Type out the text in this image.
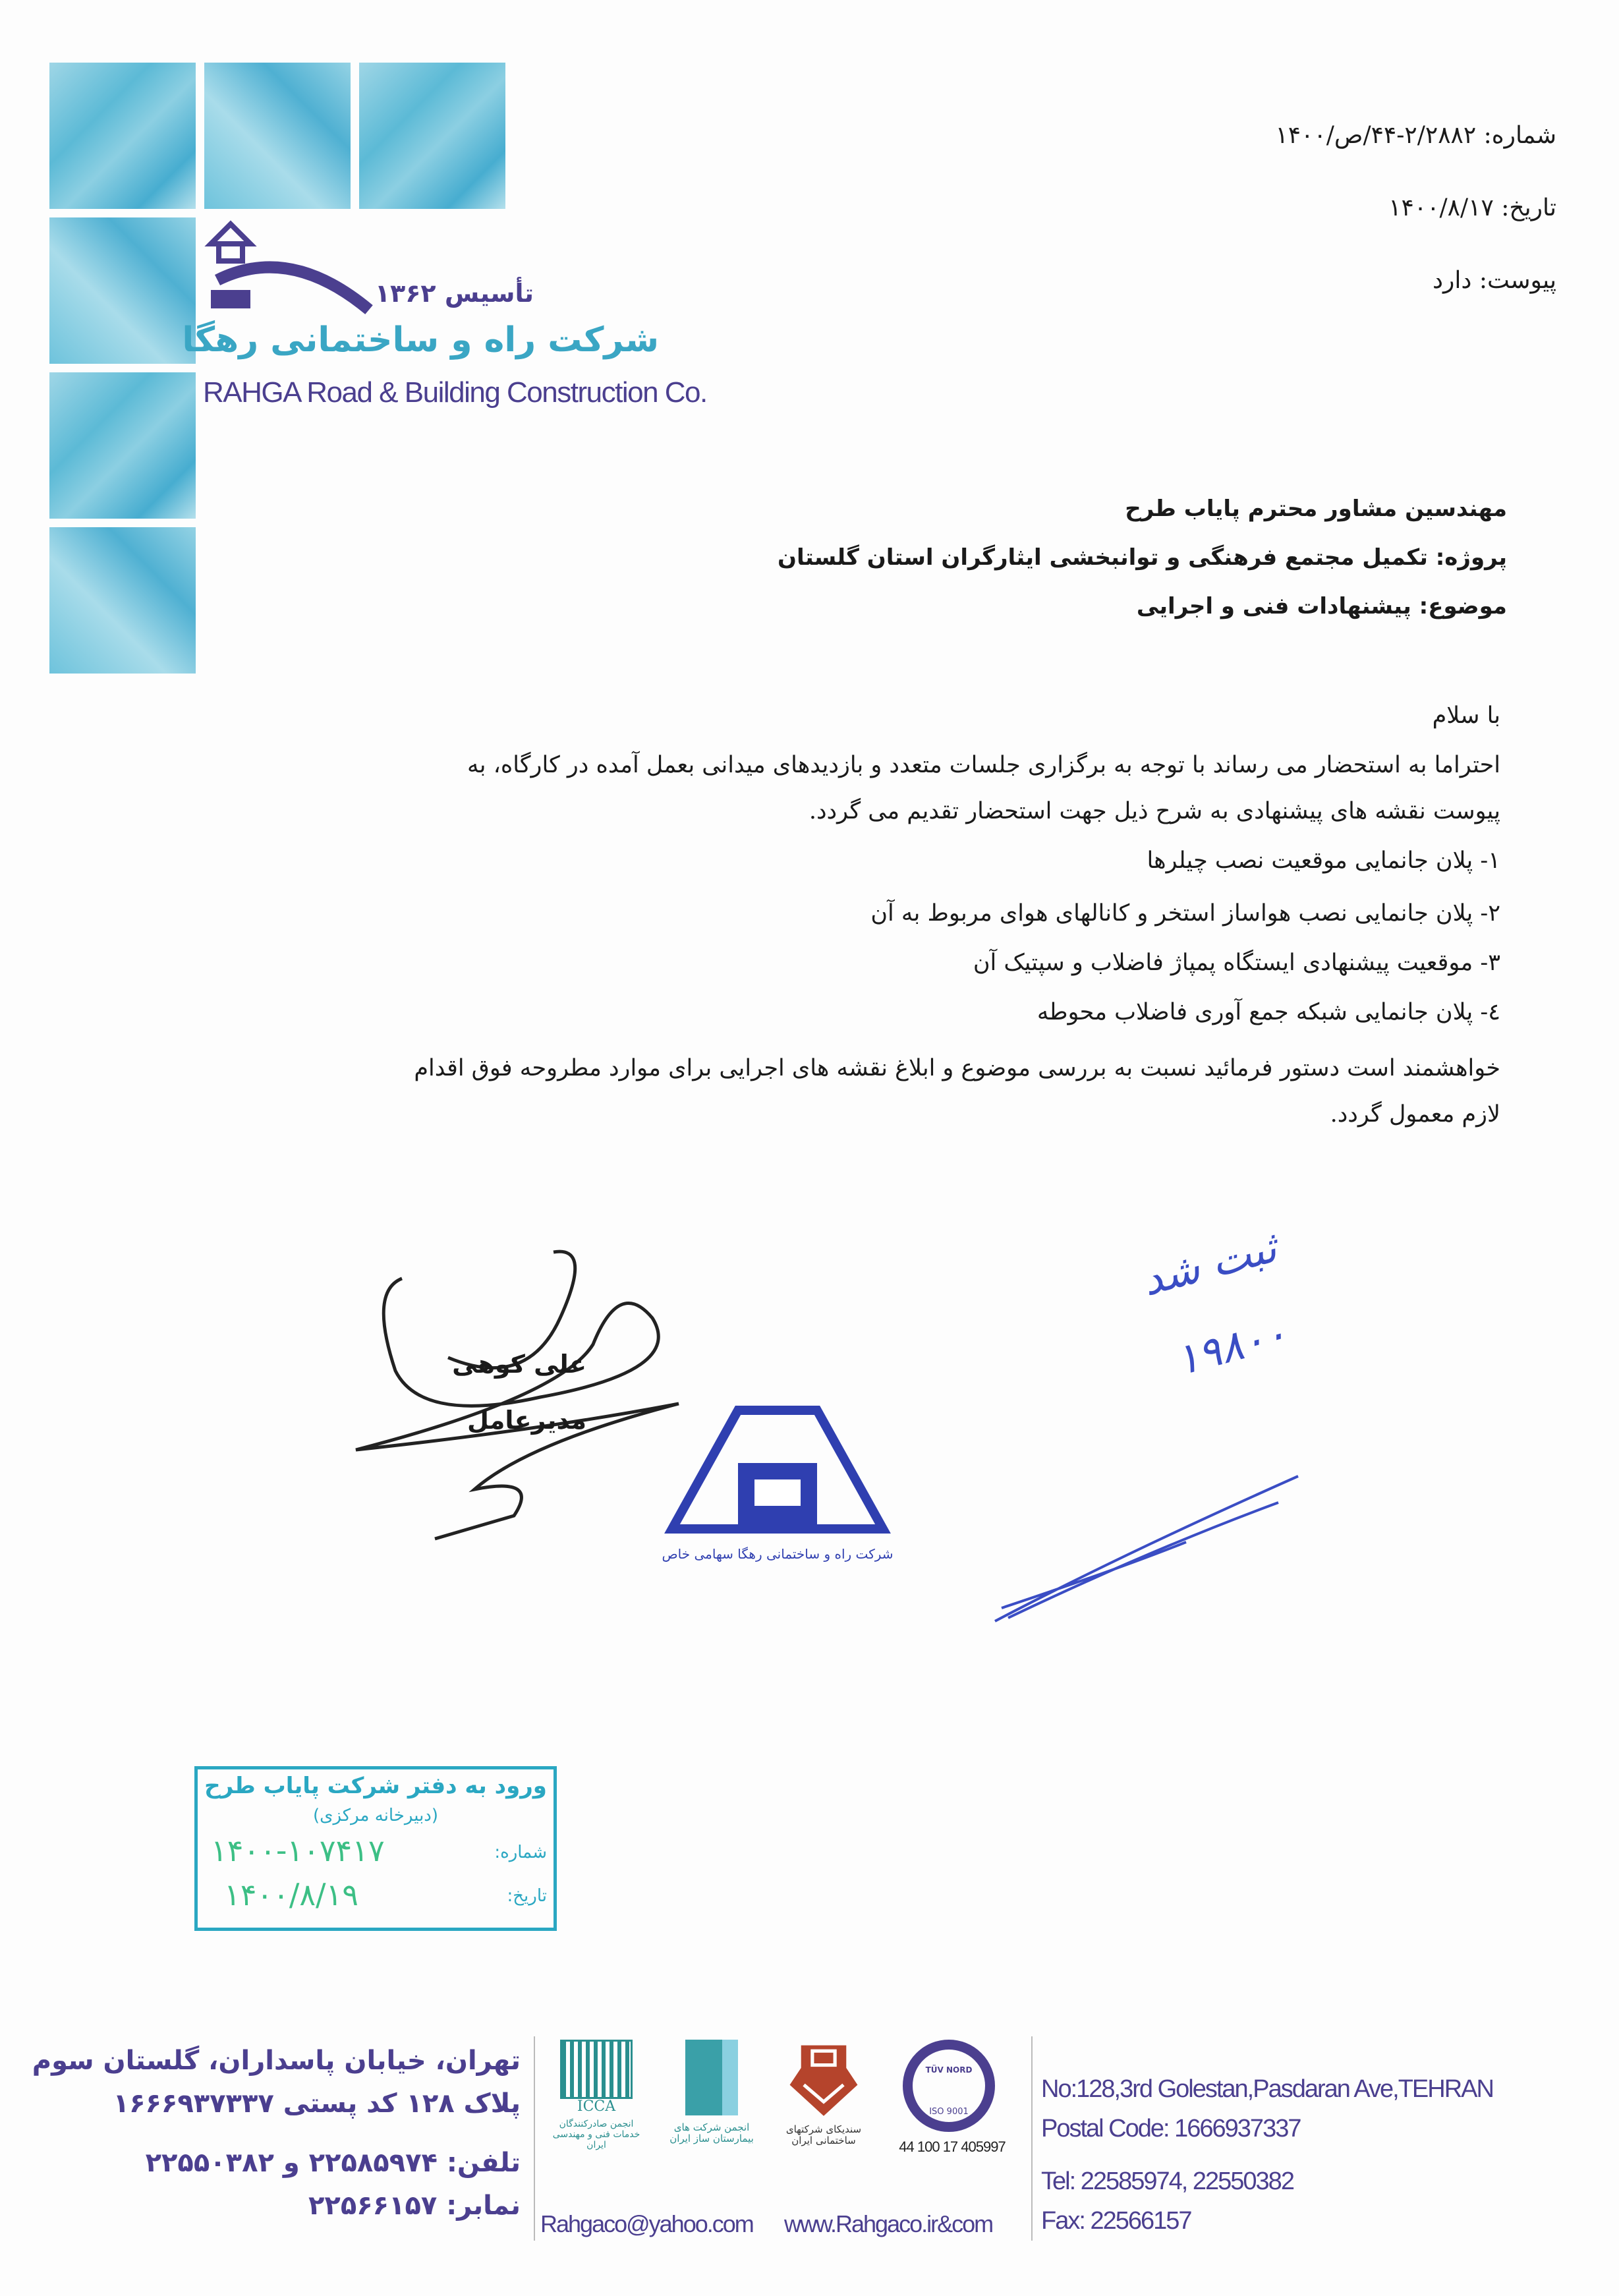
تأسیس ۱۳۶۲
شرکت راه و ساختمانی رهگا
RAHGA Road & Building Construction Co.
شماره: ۲/۲۸۸۲-۴۴/ص/۱۴۰۰
تاریخ: ۱۴۰۰/۸/۱۷
پیوست: دارد
مهندسین مشاور محترم پایاب طرح
پروژه: تکمیل مجتمع فرهنگی و توانبخشی ایثارگران استان گلستان
موضوع: پیشنهادات فنی و اجرایی
با سلام
احتراما به استحضار می رساند با توجه به برگزاری جلسات متعدد و بازدیدهای میدانی بعمل آمده در کارگاه، به
پیوست نقشه های پیشنهادی به شرح ذیل جهت استحضار تقدیم می گردد.
۱- پلان جانمایی موقعیت نصب چیلرها
۲- پلان جانمایی نصب هواساز استخر و کانالهای هوای مربوط به آن
۳- موقعیت پیشنهادی ایستگاه پمپاژ فاضلاب و سپتیک آن
٤- پلان جانمایی شبکه جمع آوری فاضلاب محوطه
خواهشمند است دستور فرمائید نسبت به بررسی موضوع و ابلاغ نقشه های اجرایی برای موارد مطروحه فوق اقدام
لازم معمول گردد.
علی کوهی
مدیرعامل
شرکت راه و ساختمانی رهگا سهامی خاص
ثبت شد
۱۹۸۰۰
ورود به دفتر شرکت پایاب طرح
(دبیرخانه مرکزی)
شماره:
۱۴۰۰-۱۰۷۴۱۷
تاریخ:
۱۴۰۰/۸/۱۹
تهران، خیابان پاسداران، گلستان سوم
پلاک ۱۲۸ کد پستی ۱۶۶۶۹۳۷۳۳۷
تلفن: ۲۲۵۸۵۹۷۴ و ۲۲۵۵۰۳۸۲
نمابر: ۲۲۵۶۶۱۵۷
ICCA
انجمن صادرکنندگان خدمات فنی و مهندسی ایران
انجمن شرکت های بیمارستان ساز ایران
سندیکای شرکتهای ساختمانی ایران
TÜV NORD
ISO 9001
44 100 17 405997
Rahgaco@yahoo.com www.Rahgaco.ir&com
No:128,3rd Golestan,Pasdaran Ave,TEHRAN
Postal Code: 1666937337
Tel: 22585974, 22550382
Fax: 22566157
